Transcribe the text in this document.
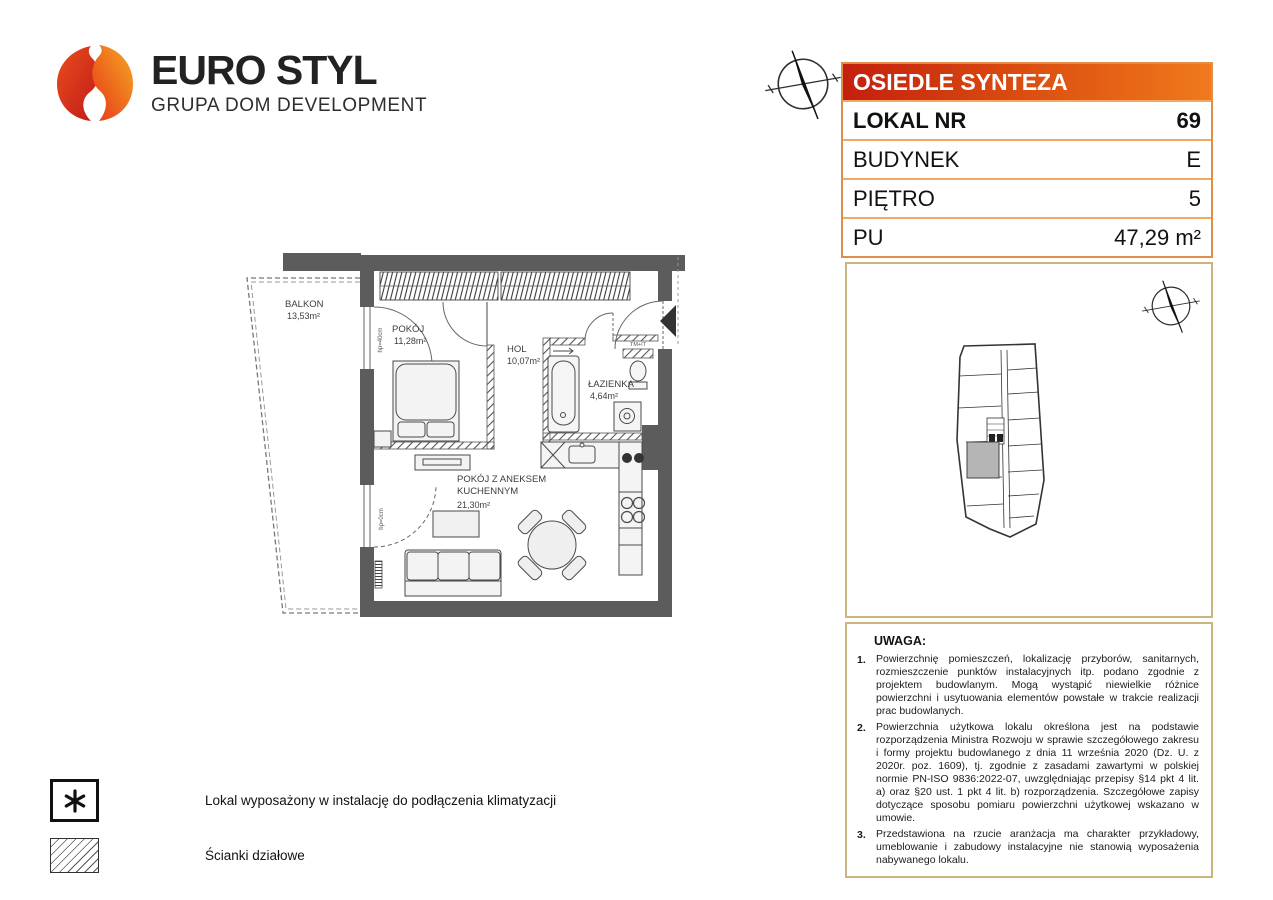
EURO STYL
GRUPA DOM DEVELOPMENT
OSIEDLE SYNTEZA
LOKAL NR	69
BUDYNEK	E
PIĘTRO	5
PU	47,29 m²
BALKON
13,53m²
POKÓJ
11,28m²
HOL
10,07m²
ŁAZIENKA
4,64m²
POKÓJ Z ANEKSEM
KUCHENNYM
21,30m²
hp=40cm
hp=0cm
TM+IT
UWAGA:
1. Powierzchnię pomieszczeń, lokalizację przyborów, sanitarnych, rozmieszczenie punktów instalacyjnych itp. podano zgodnie z projektem budowlanym. Mogą wystąpić niewielkie różnice powierzchni i usytuowania elementów powstałe w trakcie realizacji prac budowlanych.
2. Powierzchnia użytkowa lokalu określona jest na podstawie rozporządzenia Ministra Rozwoju w sprawie szczegółowego zakresu i formy projektu budowlanego z dnia 11 września 2020 (Dz. U. z 2020r. poz. 1609), tj. zgodnie z zasadami zawartymi w polskiej normie PN-ISO 9836:2022-07, uwzględniając przepisy §14 pkt 4 lit. a) oraz §20 ust. 1 pkt 4 lit. b) rozporządzenia. Szczegółowe zapisy dotyczące sposobu pomiaru powierzchni użytkowej wskazano w umowie.
3. Przedstawiona na rzucie aranżacja ma charakter przykładowy, umeblowanie i zabudowy instalacyjne nie stanowią wyposażenia nabywanego lokalu.
Lokal wyposażony w instalację do podłączenia klimatyzacji
Ścianki działowe
